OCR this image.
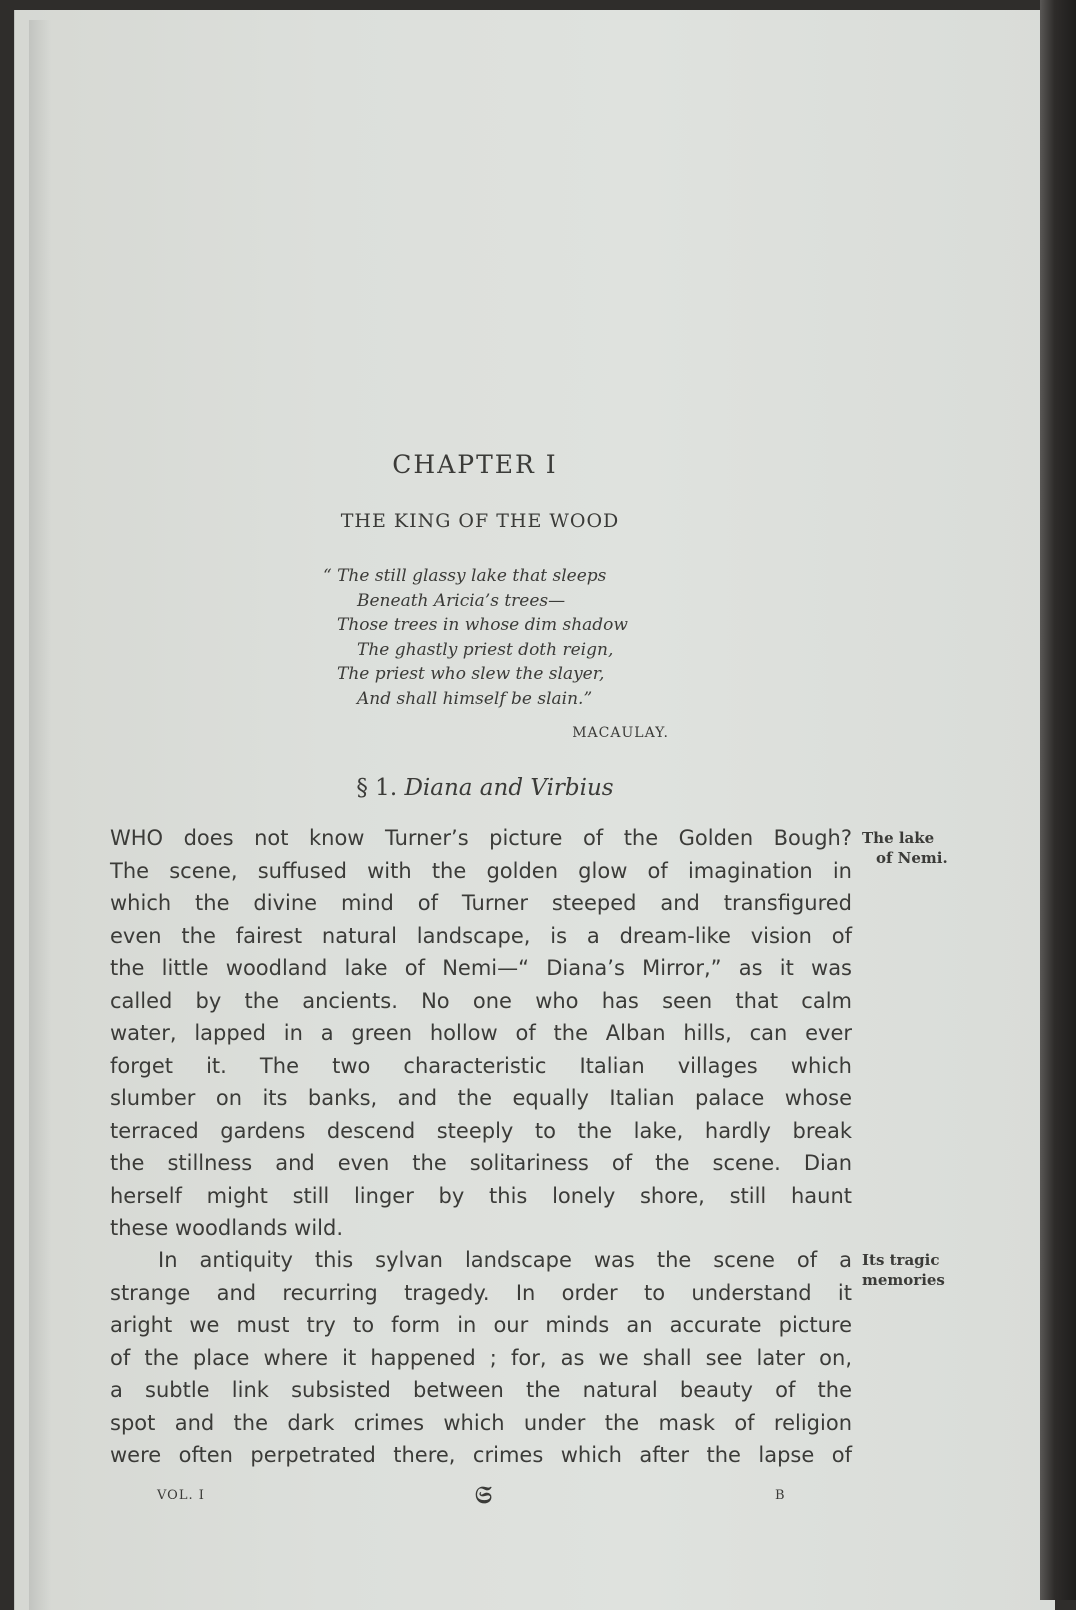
CHAPTER I
THE KING OF THE WOOD
“ The still glassy lake that sleeps
Beneath Aricia’s trees—
Those trees in whose dim shadow
The ghastly priest doth reign,
The priest who slew the slayer,
And shall himself be slain.”
MACAULAY.
§ 1. Diana and Virbius
WHO does not know Turner’s picture of the Golden Bough?
The scene, suffused with the golden glow of imagination in
which the divine mind of Turner steeped and transfigured
even the fairest natural landscape, is a dream-like vision of
the little woodland lake of Nemi—“ Diana’s Mirror,” as it was
called by the ancients. No one who has seen that calm
water, lapped in a green hollow of the Alban hills, can ever
forget it. The two characteristic Italian villages which
slumber on its banks, and the equally Italian palace whose
terraced gardens descend steeply to the lake, hardly break
the stillness and even the solitariness of the scene. Dian
herself might still linger by this lonely shore, still haunt
these woodlands wild.
In antiquity this sylvan landscape was the scene of a
strange and recurring tragedy. In order to understand it
aright we must try to form in our minds an accurate picture
of the place where it happened ; for, as we shall see later on,
a subtle link subsisted between the natural beauty of the
spot and the dark crimes which under the mask of religion
were often perpetrated there, crimes which after the lapse of
The lake
of Nemi.
Its tragic
memories
VOL. I	𝔖	B
